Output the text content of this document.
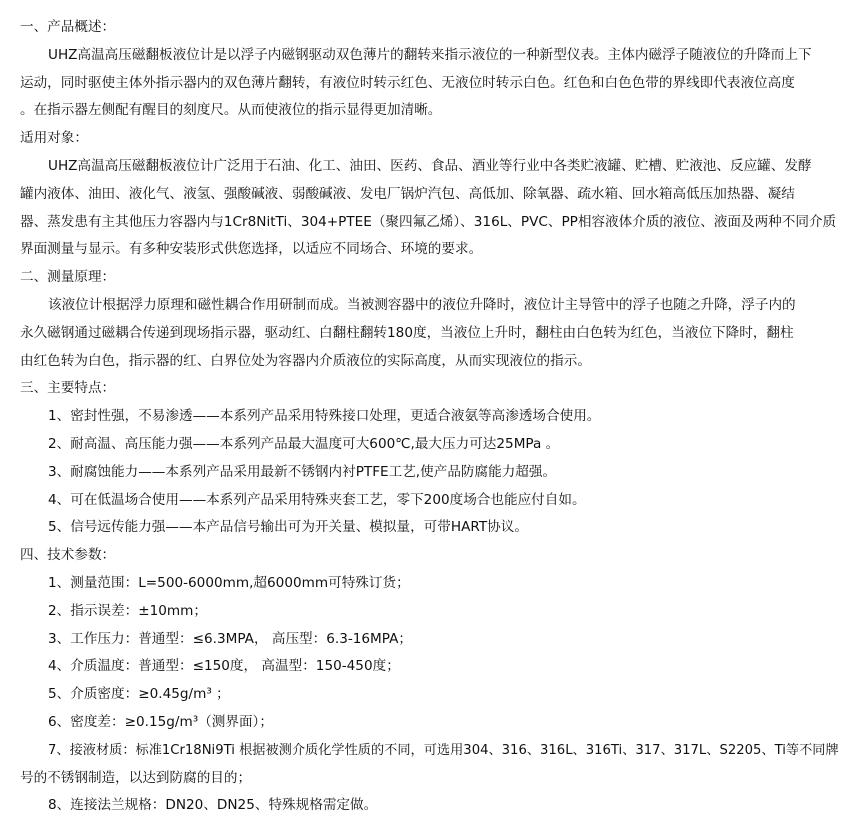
一、产品概述：
UHZ高温高压磁翻板液位计是以浮子内磁钢驱动双色薄片的翻转来指示液位的一种新型仪表。主体内磁浮子随液位的升降而上下
运动，同时驱使主体外指示器内的双色薄片翻转，有液位时转示红色、无液位时转示白色。红色和白色色带的界线即代表液位高度
。在指示器左侧配有醒目的刻度尺。从而使液位的指示显得更加清晰。
适用对象：
UHZ高温高压磁翻板液位计广泛用于石油、化工、油田、医药、食品、酒业等行业中各类贮液罐、贮槽、贮液池、反应罐、发酵
罐内液体、油田、液化气、液氢、强酸碱液、弱酸碱液、发电厂锅炉汽包、高低加、除氧器、疏水箱、回水箱高低压加热器、凝结
器、蒸发患有主其他压力容器内与1Cr8NitTi、304+PTEE（聚四氟乙烯）、316L、PVC、PP相容液体介质的液位、液面及两种不同介质
界面测量与显示。有多种安装形式供您选择，以适应不同场合、环境的要求。
二、测量原理：
该液位计根据浮力原理和磁性耦合作用研制而成。当被测容器中的液位升降时，液位计主导管中的浮子也随之升降，浮子内的
永久磁钢通过磁耦合传递到现场指示器，驱动红、白翻柱翻转180度，当液位上升时，翻柱由白色转为红色，当液位下降时，翻柱
由红色转为白色，指示器的红、白界位处为容器内介质液位的实际高度，从而实现液位的指示。
三、主要特点：
1、密封性强，不易渗透——本系列产品采用特殊接口处理，更适合液氨等高渗透场合使用。
2、耐高温、高压能力强——本系列产品最大温度可大600℃,最大压力可达25MPa 。
3、耐腐蚀能力——本系列产品采用最新不锈钢内衬PTFE工艺,使产品防腐能力超强。
4、可在低温场合使用——本系列产品采用特殊夹套工艺，零下200度场合也能应付自如。
5、信号远传能力强——本产品信号输出可为开关量、模拟量，可带HART协议。
四、技术参数：
1、测量范围：L=500-6000mm,超6000mm可特殊订货；
2、指示误差：±10mm；
3、工作压力：普通型：≤6.3MPA， 高压型：6.3-16MPA；
4、介质温度：普通型：≤150度， 高温型：150-450度；
5、介质密度：≥0.45g/m³ ；
6、密度差：≥0.15g/m³（测界面）；
7、接液材质：标准1Cr18Ni9Ti 根据被测介质化学性质的不同，可选用304、316、316L、316Ti、317、317L、S2205、Ti等不同牌
号的不锈钢制造，以达到防腐的目的；
8、连接法兰规格：DN20、DN25、特殊规格需定做。
